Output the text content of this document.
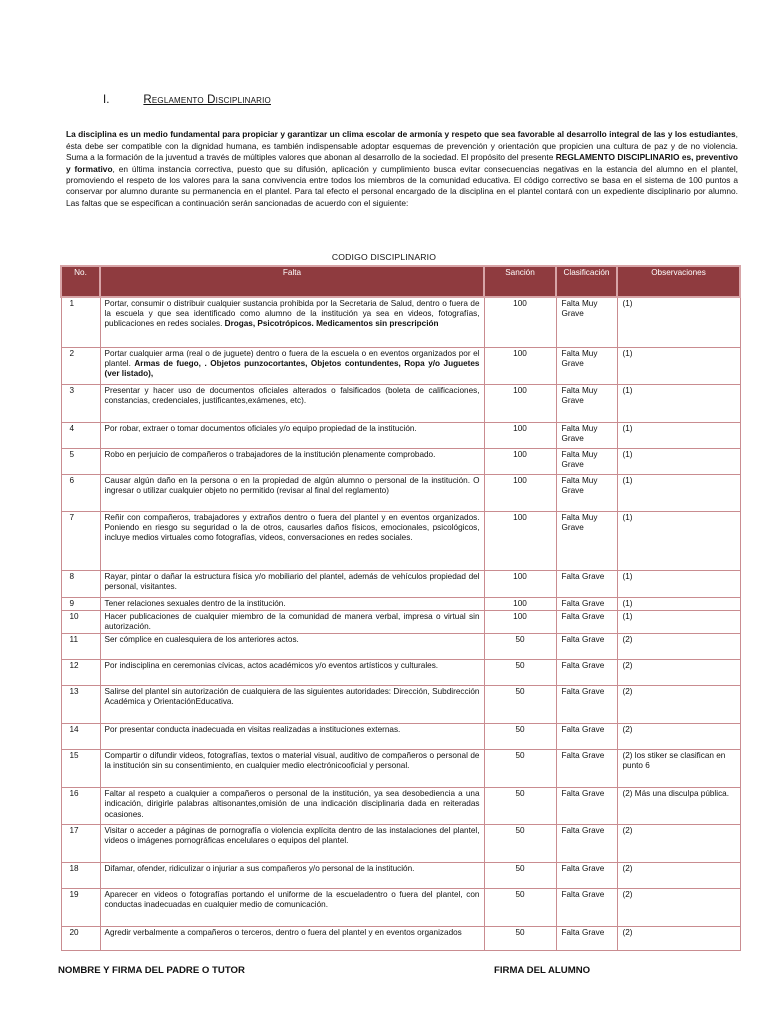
I.	Reglamento Disciplinario

La disciplina es un medio fundamental para propiciar y garantizar un clima escolar de armonía y respeto que sea favorable al desarrollo integral de las y los estudiantes, ésta debe ser compatible con la dignidad humana, es también indispensable adoptar esquemas de prevención y orientación que propicien una cultura de paz y de no violencia. Suma a la formación de la juventud a través de múltiples valores que abonan al desarrollo de la sociedad. El propósito del presente REGLAMENTO DISCIPLINARIO es, preventivo y formativo, en última instancia correctiva, puesto que su difusión, aplicación y cumplimiento busca evitar consecuencias negativas en la estancia del alumno en el plantel, promoviendo el respeto de los valores para la sana convivencia entre todos los miembros de la comunidad educativa. El código correctivo se basa en el sistema de 100 puntos a conservar por alumno durante su permanencia en el plantel. Para tal efecto el personal encargado de la disciplina en el plantel contará con un expediente disciplinario por alumno. Las faltas que se especifican a continuación serán sancionadas de acuerdo con el siguiente:

CODIGO DISCIPLINARIO
No.	Falta	Sanción	Clasificación	Observaciones
1	Portar, consumir o distribuir cualquier sustancia prohibida por la Secretaria de Salud, dentro o fuera de la escuela y que sea identificado como alumno de la institución ya sea en videos, fotografías, publicaciones en redes sociales. Drogas, Psicotrópicos. Medicamentos sin prescripción	100	Falta Muy Grave	(1)
2	Portar cualquier arma (real o de juguete) dentro o fuera de la escuela o en eventos organizados por el plantel. Armas de fuego, . Objetos punzocortantes, Objetos contundentes, Ropa y/o Juguetes (ver listado),	100	Falta Muy Grave	(1)
3	Presentar y hacer uso de documentos oficiales alterados o falsificados (boleta de calificaciones, constancias, credenciales, justificantes,exámenes, etc).	100	Falta Muy Grave	(1)
4	Por robar, extraer o tomar documentos oficiales y/o equipo propiedad de la institución.	100	Falta Muy Grave	(1)
5	Robo en perjuicio de compañeros o trabajadores de la institución plenamente comprobado.	100	Falta Muy Grave	(1)
6	Causar algún daño en la persona o en la propiedad de algún alumno o personal de la institución. O ingresar o utilizar cualquier objeto no permitido (revisar al final del reglamento)	100	Falta Muy Grave	(1)
7	Reñir con compañeros, trabajadores y extraños dentro o fuera del plantel y en eventos organizados. Poniendo en riesgo su seguridad o la de otros, causarles daños físicos, emocionales, psicológicos, incluye medios virtuales como fotografías, videos, conversaciones en redes sociales.	100	Falta Muy Grave	(1)
8	Rayar, pintar o dañar la estructura física y/o mobiliario del plantel, además de vehículos propiedad del personal, visitantes.	100	Falta Grave	(1)
9	Tener relaciones sexuales dentro de la institución.	100	Falta Grave	(1)
10	Hacer publicaciones de cualquier miembro de la comunidad de manera verbal, impresa o virtual sin autorización.	100	Falta Grave	(1)
11	Ser cómplice en cualesquiera de los anteriores actos.	50	Falta Grave	(2)
12	Por indisciplina en ceremonias cívicas, actos académicos y/o eventos artísticos y culturales.	50	Falta Grave	(2)
13	Salirse del plantel sin autorización de cualquiera de las siguientes autoridades: Dirección, Subdirección Académica y OrientaciónEducativa.	50	Falta Grave	(2)
14	Por presentar conducta inadecuada en visitas realizadas a instituciones externas.	50	Falta Grave	(2)
15	Compartir o difundir videos, fotografías, textos o material visual, auditivo de compañeros o personal de la institución sin su consentimiento, en cualquier medio electrónicooficial y personal.	50	Falta Grave	(2) los stiker se clasifican en punto 6
16	Faltar al respeto a cualquier a compañeros o personal de la institución, ya sea desobediencia a una indicación, dirigirle palabras altisonantes,omisión de una indicación disciplinaria dada en reiteradas ocasiones.	50	Falta Grave	(2) Más una disculpa pública.
17	Visitar o acceder a páginas de pornografía o violencia explícita dentro de las instalaciones del plantel, videos o imágenes pornográficas encelulares o equipos del plantel.	50	Falta Grave	(2)
18	Difamar, ofender, ridiculizar o injuriar a sus compañeros y/o personal de la institución.	50	Falta Grave	(2)
19	Aparecer en videos o fotografías portando el uniforme de la escueladentro o fuera del plantel, con conductas inadecuadas en cualquier medio de comunicación.	50	Falta Grave	(2)
20	Agredir verbalmente a compañeros o terceros, dentro o fuera del plantel y en eventos organizados	50	Falta Grave	(2)
NOMBRE Y FIRMA DEL PADRE O TUTOR	FIRMA DEL ALUMNO
